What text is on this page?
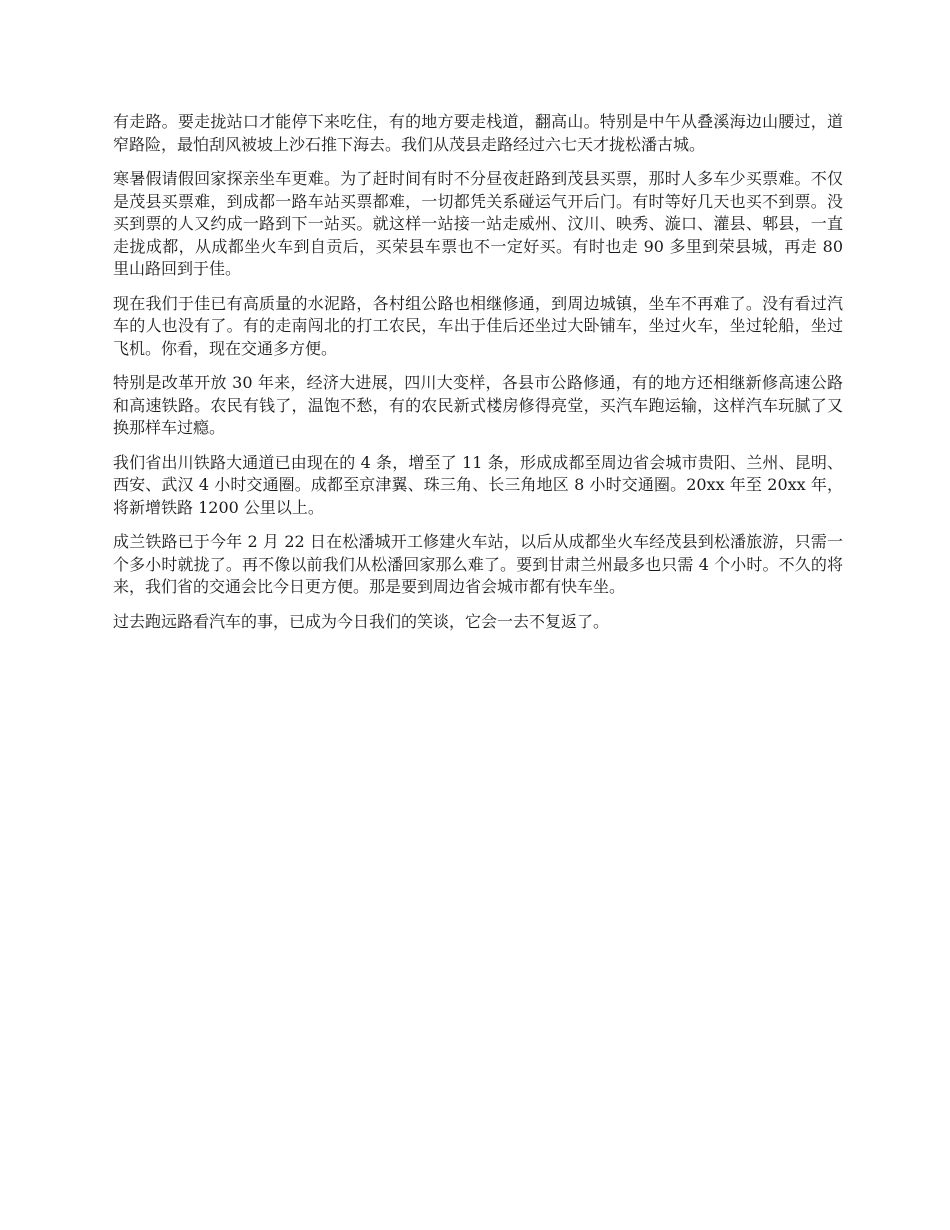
有走路。要走拢站口才能停下来吃住，有的地方要走栈道，翻高山。特别是中午从叠溪海边山腰过，道窄路险，最怕刮风被坡上沙石推下海去。我们从茂县走路经过六七天才拢松潘古城。

寒暑假请假回家探亲坐车更难。为了赶时间有时不分昼夜赶路到茂县买票，那时人多车少买票难。不仅是茂县买票难，到成都一路车站买票都难，一切都凭关系碰运气开后门。有时等好几天也买不到票。没买到票的人又约成一路到下一站买。就这样一站接一站走威州、汶川、映秀、漩口、灌县、郫县，一直走拢成都，从成都坐火车到自贡后，买荣县车票也不一定好买。有时也走 90 多里到荣县城，再走 80 里山路回到于佳。

现在我们于佳已有高质量的水泥路，各村组公路也相继修通，到周边城镇，坐车不再难了。没有看过汽车的人也没有了。有的走南闯北的打工农民，车出于佳后还坐过大卧铺车，坐过火车，坐过轮船，坐过飞机。你看，现在交通多方便。

特别是改革开放 30 年来，经济大进展，四川大变样，各县市公路修通，有的地方还相继新修高速公路和高速铁路。农民有钱了，温饱不愁，有的农民新式楼房修得亮堂，买汽车跑运输，这样汽车玩腻了又换那样车过瘾。

我们省出川铁路大通道已由现在的 4 条，增至了 11 条，形成成都至周边省会城市贵阳、兰州、昆明、西安、武汉 4 小时交通圈。成都至京津翼、珠三角、长三角地区 8 小时交通圈。20xx 年至 20xx 年，将新增铁路 1200 公里以上。

成兰铁路已于今年 2 月 22 日在松潘城开工修建火车站，以后从成都坐火车经茂县到松潘旅游，只需一个多小时就拢了。再不像以前我们从松潘回家那么难了。要到甘肃兰州最多也只需 4 个小时。不久的将来，我们省的交通会比今日更方便。那是要到周边省会城市都有快车坐。

过去跑远路看汽车的事，已成为今日我们的笑谈，它会一去不复返了。
